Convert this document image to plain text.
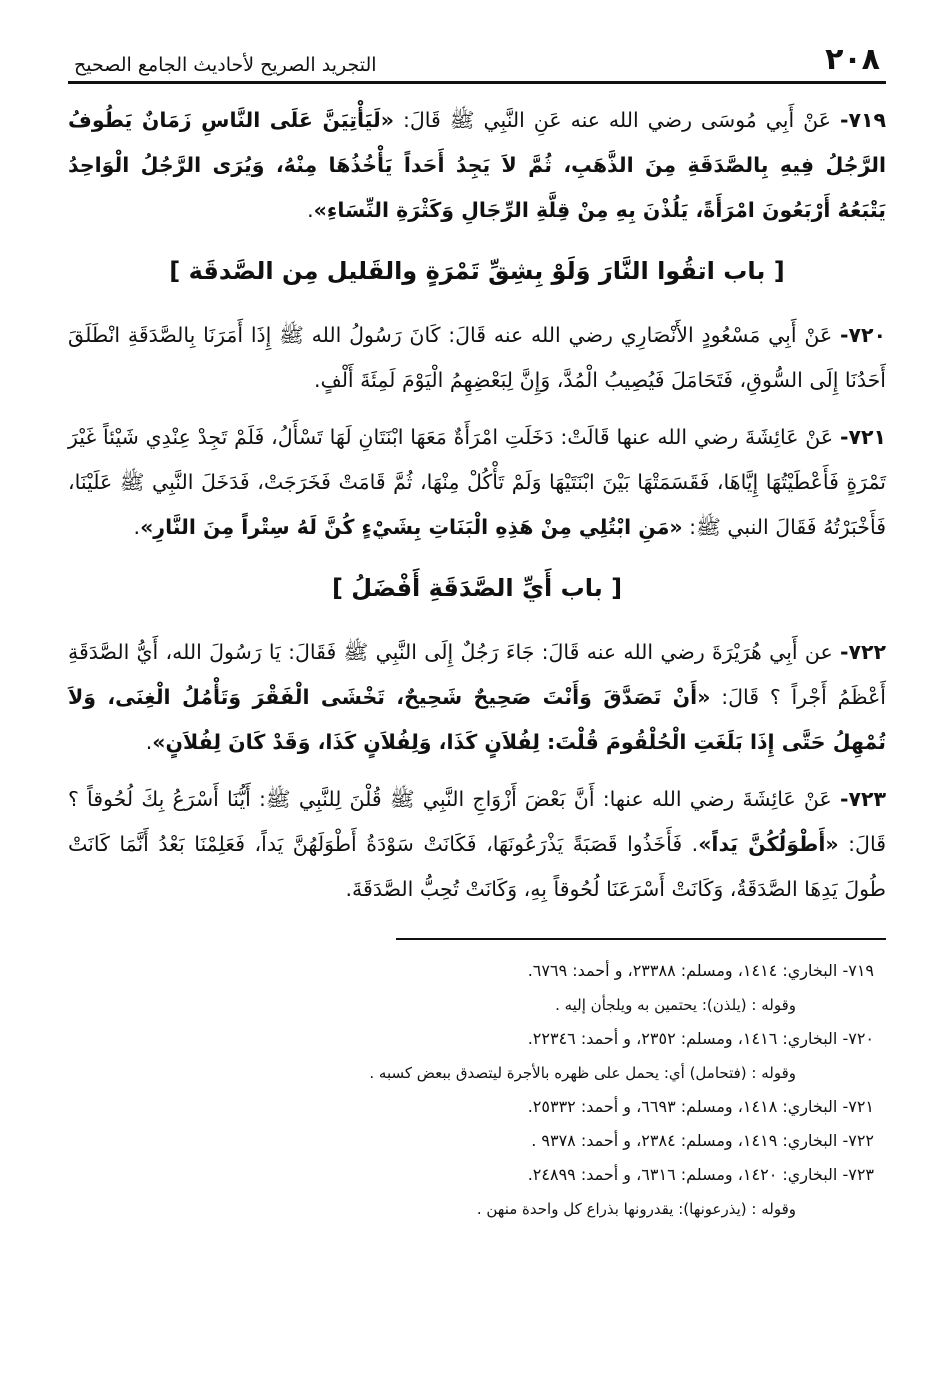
٢٠٨
التجريد الصريح لأحاديث الجامع الصحيح

٧١٩- عَنْ أَبِي مُوسَى رضي الله عنه عَنِ النَّبِي ﷺ قَالَ: «لَيَأْتِيَنَّ عَلَى النَّاسِ زَمَانٌ يَطُوفُ الرَّجُلُ فِيهِ بِالصَّدَقَةِ مِنَ الذَّهَبِ، ثُمَّ لاَ يَجِدُ أَحَداً يَأْخُذُهَا مِنْهُ، وَيُرَى الرَّجُلُ الْوَاحِدُ يَتْبَعُهُ أَرْبَعُونَ امْرَأَةً، يَلُذْنَ بِهِ مِنْ قِلَّةِ الرِّجَالِ وَكَثْرَةِ النِّسَاءِ».

[ باب اتقُوا النَّارَ وَلَوْ بِشِقِّ تَمْرَةٍ والقَليل مِن الصَّدقَة ]

٧٢٠- عَنْ أَبِي مَسْعُودٍ الأَنْصَارِي رضي الله عنه قَالَ: كَانَ رَسُولُ الله ﷺ إِذَا أَمَرَنَا بِالصَّدَقَةِ انْطَلَقَ أَحَدُنَا إِلَى السُّوقِ، فَتَحَامَلَ فَيُصِيبُ الْمُدَّ، وَإِنَّ لِبَعْضِهِمُ الْيَوْمَ لَمِئَةَ أَلْفٍ.

٧٢١- عَنْ عَائِشَةَ رضي الله عنها قَالَتْ: دَخَلَتِ امْرَأَةٌ مَعَهَا ابْنَتَانِ لَهَا تَسْأَلُ، فَلَمْ تَجِدْ عِنْدِي شَيْئاً غَيْرَ تَمْرَةٍ فَأَعْطَيْتُهَا إِيَّاهَا، فَقَسَمَتْهَا بَيْنَ ابْنَتَيْهَا وَلَمْ تَأْكُلْ مِنْهَا، ثُمَّ قَامَتْ فَخَرَجَتْ، فَدَخَلَ النَّبِي ﷺ عَلَيْنَا، فَأَخْبَرْتُهُ فَقَالَ النبي ﷺ: «مَنِ ابْتُلِي مِنْ هَذِهِ الْبَنَاتِ بِشَيْءٍ كُنَّ لَهُ سِتْراً مِنَ النَّارِ».

[ باب أَيِّ الصَّدَقَةِ أَفْضَلُ ]

٧٢٢- عن أَبِي هُرَيْرَةَ رضي الله عنه قَالَ: جَاءَ رَجُلٌ إِلَى النَّبِي ﷺ فَقَالَ: يَا رَسُولَ الله، أَيُّ الصَّدَقَةِ أَعْظَمُ أَجْراً ؟ قَالَ: «أَنْ تَصَدَّقَ وَأَنْتَ صَحِيحٌ شَحِيحٌ، تَخْشَى الْفَقْرَ وَتَأْمُلُ الْغِنَى، وَلاَ تُمْهِلُ حَتَّى إِذَا بَلَغَتِ الْحُلْقُومَ قُلْتَ: لِفُلاَنٍ كَذَا، وَلِفُلاَنٍ كَذَا، وَقَدْ كَانَ لِفُلاَنٍ».

٧٢٣- عَنْ عَائِشَةَ رضي الله عنها: أَنَّ بَعْضَ أَزْوَاجِ النَّبِي ﷺ قُلْنَ لِلنَّبِي ﷺ: أَيُّنَا أَسْرَعُ بِكَ لُحُوقاً ؟ قَالَ: «أَطْوَلُكُنَّ يَداً». فَأَخَذُوا قَصَبَةً يَذْرَعُونَهَا، فَكَانَتْ سَوْدَةُ أَطْوَلَهُنَّ يَداً، فَعَلِمْنَا بَعْدُ أَنَّمَا كَانَتْ طُولَ يَدِهَا الصَّدَقَةُ، وَكَانَتْ أَسْرَعَنَا لُحُوقاً بِهِ، وَكَانَتْ تُحِبُّ الصَّدَقَةَ.

٧١٩- البخاري: ١٤١٤، ومسلم: ٢٣٣٨٨، و أحمد: ٦٧٦٩.

وقوله : (يلذن): يحتمين به ويلجأن إليه .

٧٢٠- البخاري: ١٤١٦، ومسلم: ٢٣٥٢، و أحمد: ٢٢٣٤٦.

وقوله : (فتحامل) أي: يحمل على ظهره بالأجرة ليتصدق ببعض كسبه .

٧٢١- البخاري: ١٤١٨، ومسلم: ٦٦٩٣، و أحمد: ٢٥٣٣٢.

٧٢٢- البخاري: ١٤١٩، ومسلم: ٢٣٨٤، و أحمد: ٩٣٧٨ .

٧٢٣- البخاري: ١٤٢٠، ومسلم: ٦٣١٦، و أحمد: ٢٤٨٩٩.

وقوله : (يذرعونها): يقدرونها بذراع كل واحدة منهن .
